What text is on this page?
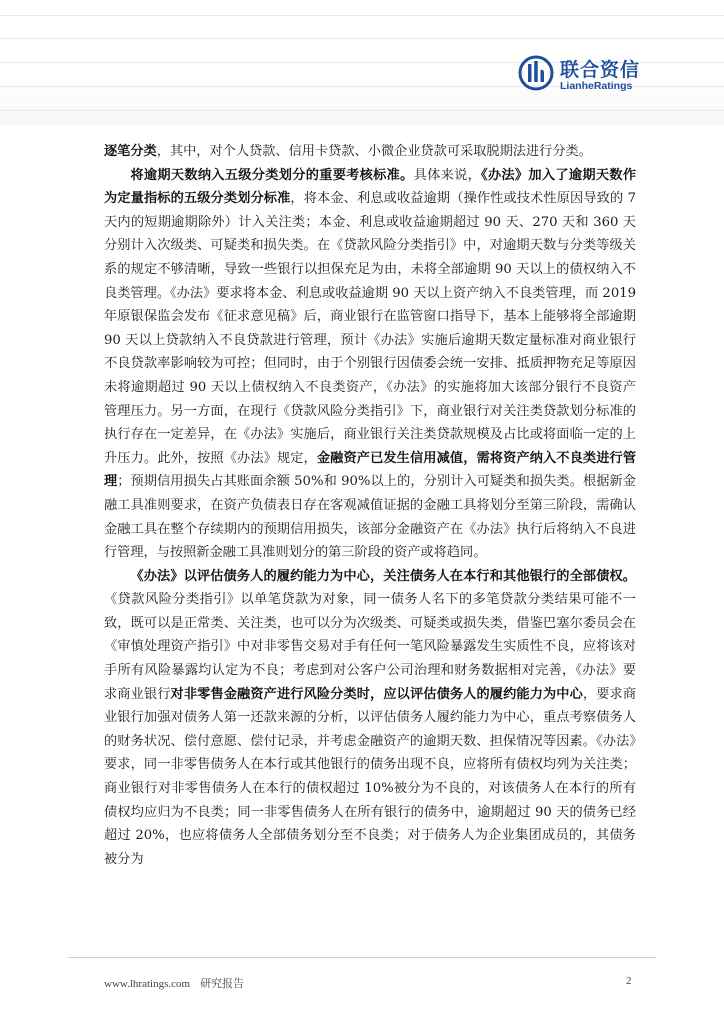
联合资信
LianheRatings

逐笔分类，其中，对个人贷款、信用卡贷款、小微企业贷款可采取脱期法进行分类。

将逾期天数纳入五级分类划分的重要考核标准。具体来说，《办法》加入了逾期天数作为定量指标的五级分类划分标准，将本金、利息或收益逾期（操作性或技术性原因导致的 7 天内的短期逾期除外）计入关注类；本金、利息或收益逾期超过 90 天、270 天和 360 天分别计入次级类、可疑类和损失类。在《贷款风险分类指引》中，对逾期天数与分类等级关系的规定不够清晰，导致一些银行以担保充足为由，未将全部逾期 90 天以上的债权纳入不良类管理。《办法》要求将本金、利息或收益逾期 90 天以上资产纳入不良类管理，而 2019 年原银保监会发布《征求意见稿》后，商业银行在监管窗口指导下，基本上能够将全部逾期 90 天以上贷款纳入不良贷款进行管理，预计《办法》实施后逾期天数定量标准对商业银行不良贷款率影响较为可控；但同时，由于个别银行因债委会统一安排、抵质押物充足等原因未将逾期超过 90 天以上债权纳入不良类资产，《办法》的实施将加大该部分银行不良资产管理压力。另一方面，在现行《贷款风险分类指引》下，商业银行对关注类贷款划分标准的执行存在一定差异，在《办法》实施后，商业银行关注类贷款规模及占比或将面临一定的上升压力。此外，按照《办法》规定，金融资产已发生信用减值，需将资产纳入不良类进行管理；预期信用损失占其账面余额 50%和 90%以上的，分别计入可疑类和损失类。根据新金融工具准则要求，在资产负债表日存在客观减值证据的金融工具将划分至第三阶段，需确认金融工具在整个存续期内的预期信用损失，该部分金融资产在《办法》执行后将纳入不良进行管理，与按照新金融工具准则划分的第三阶段的资产或将趋同。

《办法》以评估债务人的履约能力为中心，关注债务人在本行和其他银行的全部债权。《贷款风险分类指引》以单笔贷款为对象，同一债务人名下的多笔贷款分类结果可能不一致，既可以是正常类、关注类，也可以分为次级类、可疑类或损失类，借鉴巴塞尔委员会在《审慎处理资产指引》中对非零售交易对手有任何一笔风险暴露发生实质性不良，应将该对手所有风险暴露均认定为不良；考虑到对公客户公司治理和财务数据相对完善，《办法》要求商业银行对非零售金融资产进行风险分类时，应以评估债务人的履约能力为中心，要求商业银行加强对债务人第一还款来源的分析，以评估债务人履约能力为中心，重点考察债务人的财务状况、偿付意愿、偿付记录，并考虑金融资产的逾期天数、担保情况等因素。《办法》要求，同一非零售债务人在本行或其他银行的债务出现不良，应将所有债权均列为关注类；商业银行对非零售债务人在本行的债权超过 10%被分为不良的，对该债务人在本行的所有债权均应归为不良类；同一非零售债务人在所有银行的债务中，逾期超过 90 天的债务已经超过 20%，也应将债务人全部债务划分至不良类；对于债务人为企业集团成员的，其债务被分为

www.lhratings.com 研究报告	2
